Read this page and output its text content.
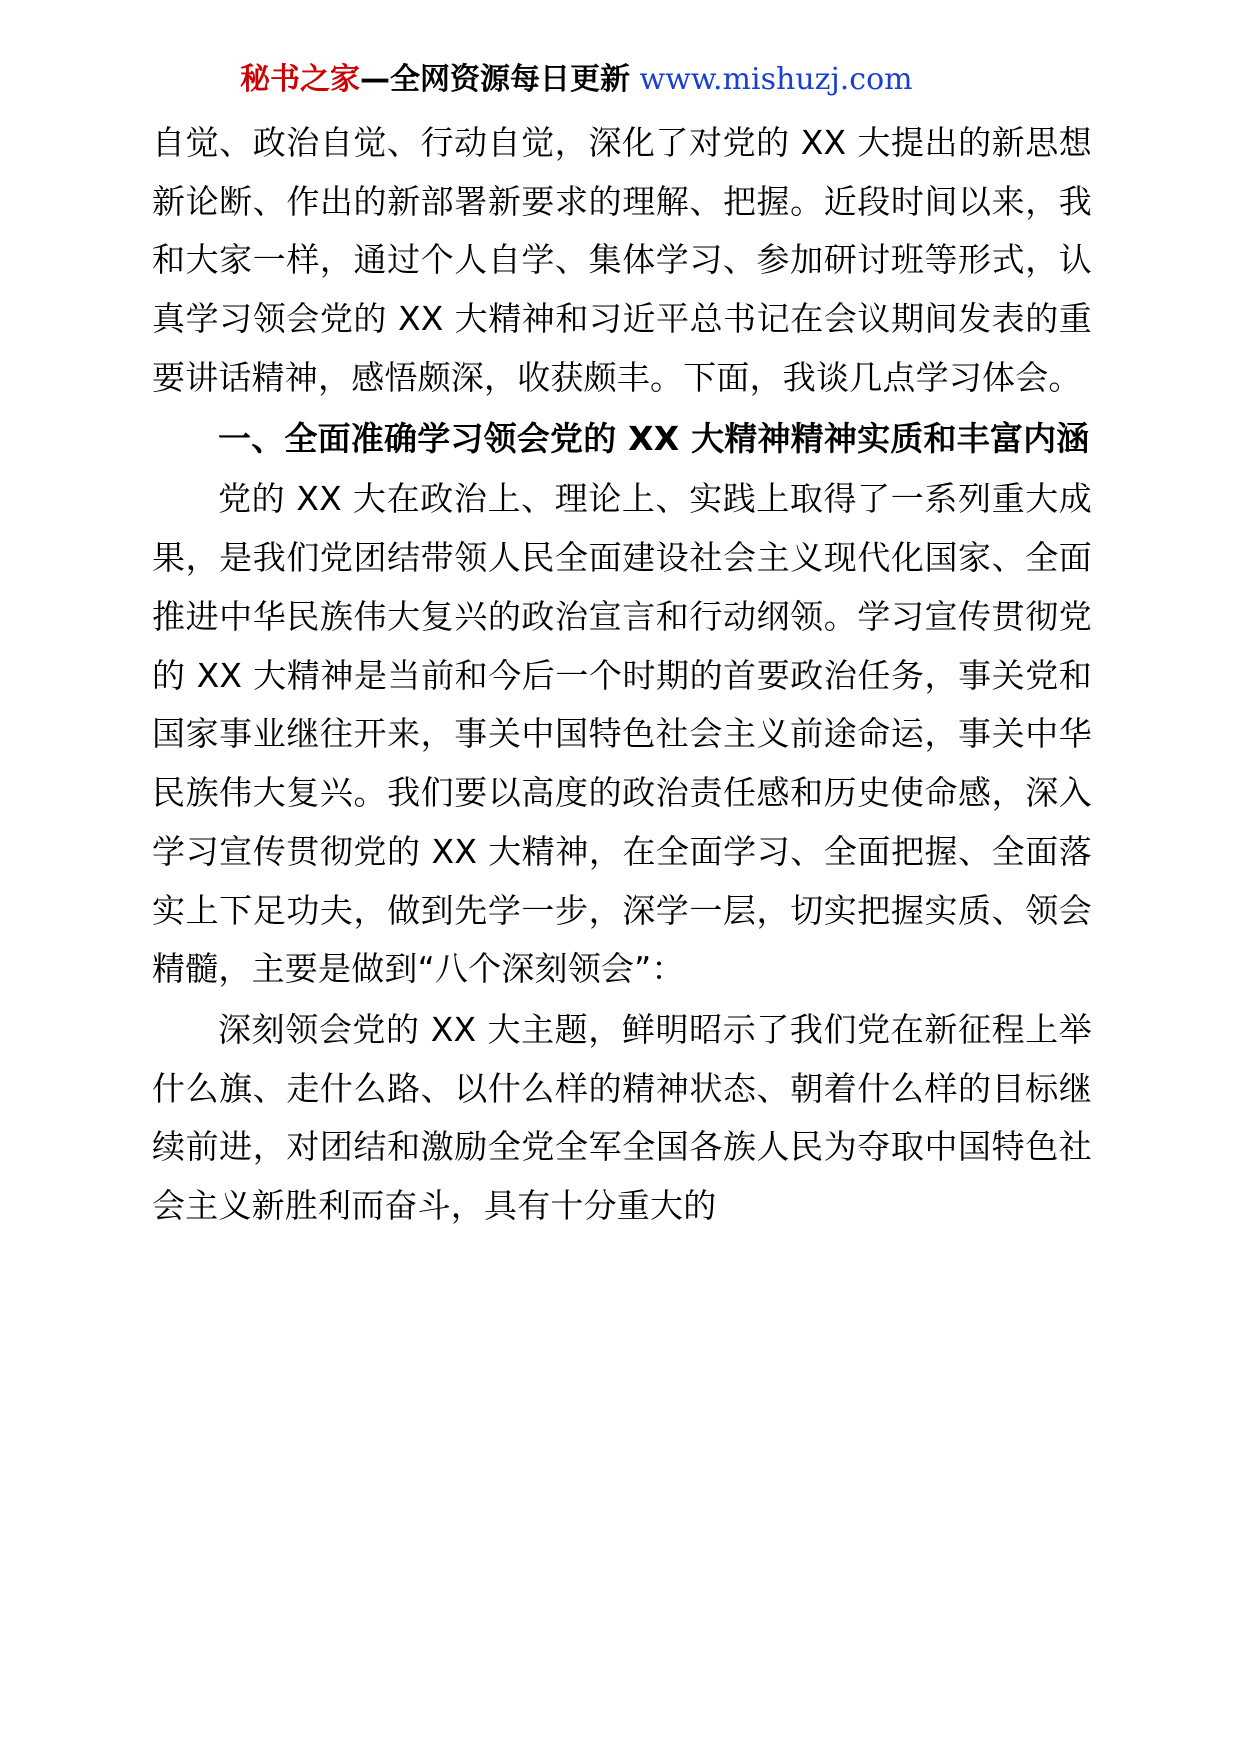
秘书之家—全网资源每日更新 www.mishuzj.com

自觉、政治自觉、行动自觉，深化了对党的 XX 大提出的新思想新论断、作出的新部署新要求的理解、把握。近段时间以来，我和大家一样，通过个人自学、集体学习、参加研讨班等形式，认真学习领会党的 XX 大精神和习近平总书记在会议期间发表的重要讲话精神，感悟颇深，收获颇丰。下面，我谈几点学习体会。

一、全面准确学习领会党的 XX 大精神精神实质和丰富内涵

党的 XX 大在政治上、理论上、实践上取得了一系列重大成果，是我们党团结带领人民全面建设社会主义现代化国家、全面推进中华民族伟大复兴的政治宣言和行动纲领。学习宣传贯彻党的 XX 大精神是当前和今后一个时期的首要政治任务，事关党和国家事业继往开来，事关中国特色社会主义前途命运，事关中华民族伟大复兴。我们要以高度的政治责任感和历史使命感，深入学习宣传贯彻党的 XX 大精神，在全面学习、全面把握、全面落实上下足功夫，做到先学一步，深学一层，切实把握实质、领会精髓，主要是做到“八个深刻领会”：

深刻领会党的 XX 大主题，鲜明昭示了我们党在新征程上举什么旗、走什么路、以什么样的精神状态、朝着什么样的目标继续前进，对团结和激励全党全军全国各族人民为夺取中国特色社会主义新胜利而奋斗，具有十分重大的
